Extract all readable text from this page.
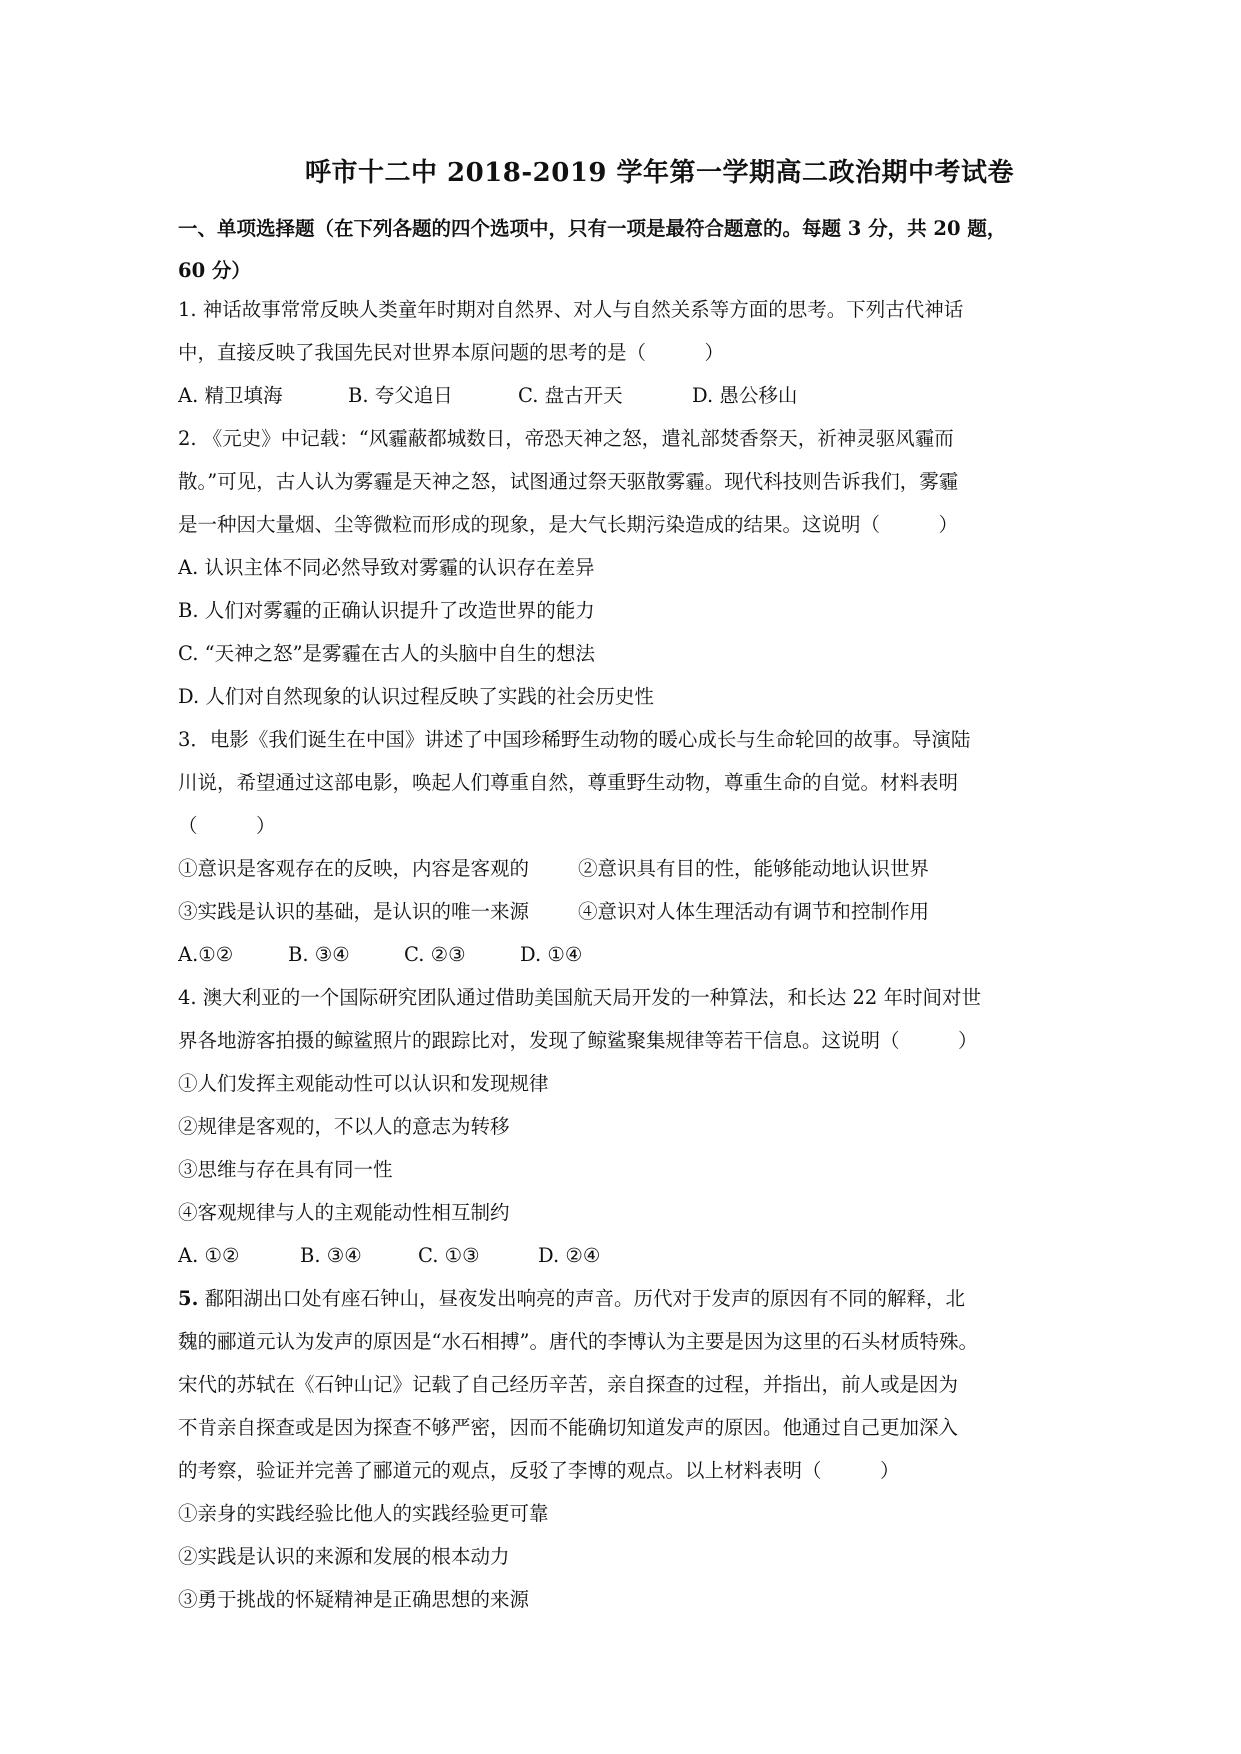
呼市十二中 2018-2019 学年第一学期高二政治期中考试卷
一、单项选择题（在下列各题的四个选项中，只有一项是最符合题意的。每题 3 分，共 20 题，
60 分）
1. 神话故事常常反映人类童年时期对自然界、对人与自然关系等方面的思考。下列古代神话
中，直接反映了我国先民对世界本原问题的思考的是（　　　）
A. 精卫填海	B. 夸父追日	C. 盘古开天	D. 愚公移山
2. 《元史》中记载：“风霾蔽都城数日，帝恐天神之怒，遣礼部焚香祭天，祈神灵驱风霾而
散。”可见，古人认为雾霾是天神之怒，试图通过祭天驱散雾霾。现代科技则告诉我们，雾霾
是一种因大量烟、尘等微粒而形成的现象，是大气长期污染造成的结果。这说明（　　　）
A. 认识主体不同必然导致对雾霾的认识存在差异
B. 人们对雾霾的正确认识提升了改造世界的能力
C. “天神之怒”是雾霾在古人的头脑中自生的想法
D. 人们对自然现象的认识过程反映了实践的社会历史性
3．电影《我们诞生在中国》讲述了中国珍稀野生动物的暖心成长与生命轮回的故事。导演陆
川说，希望通过这部电影，唤起人们尊重自然，尊重野生动物，尊重生命的自觉。材料表明
（　　　）
①意识是客观存在的反映，内容是客观的	②意识具有目的性，能够能动地认识世界
③实践是认识的基础，是认识的唯一来源	④意识对人体生理活动有调节和控制作用
A.①②	B. ③④	C. ②③	D. ①④
4. 澳大利亚的一个国际研究团队通过借助美国航天局开发的一种算法，和长达 22 年时间对世
界各地游客拍摄的鲸鲨照片的跟踪比对，发现了鲸鲨聚集规律等若干信息。这说明（　　　）
①人们发挥主观能动性可以认识和发现规律
②规律是客观的，不以人的意志为转移
③思维与存在具有同一性
④客观规律与人的主观能动性相互制约
A. ①②	B. ③④	C. ①③	D. ②④
5. 鄱阳湖出口处有座石钟山，昼夜发出响亮的声音。历代对于发声的原因有不同的解释，北
魏的郦道元认为发声的原因是“水石相搏”。唐代的李博认为主要是因为这里的石头材质特殊。
宋代的苏轼在《石钟山记》记载了自己经历辛苦，亲自探查的过程，并指出，前人或是因为
不肯亲自探查或是因为探查不够严密，因而不能确切知道发声的原因。他通过自己更加深入
的考察，验证并完善了郦道元的观点，反驳了李博的观点。以上材料表明（　　　）
①亲身的实践经验比他人的实践经验更可靠
②实践是认识的来源和发展的根本动力
③勇于挑战的怀疑精神是正确思想的来源
